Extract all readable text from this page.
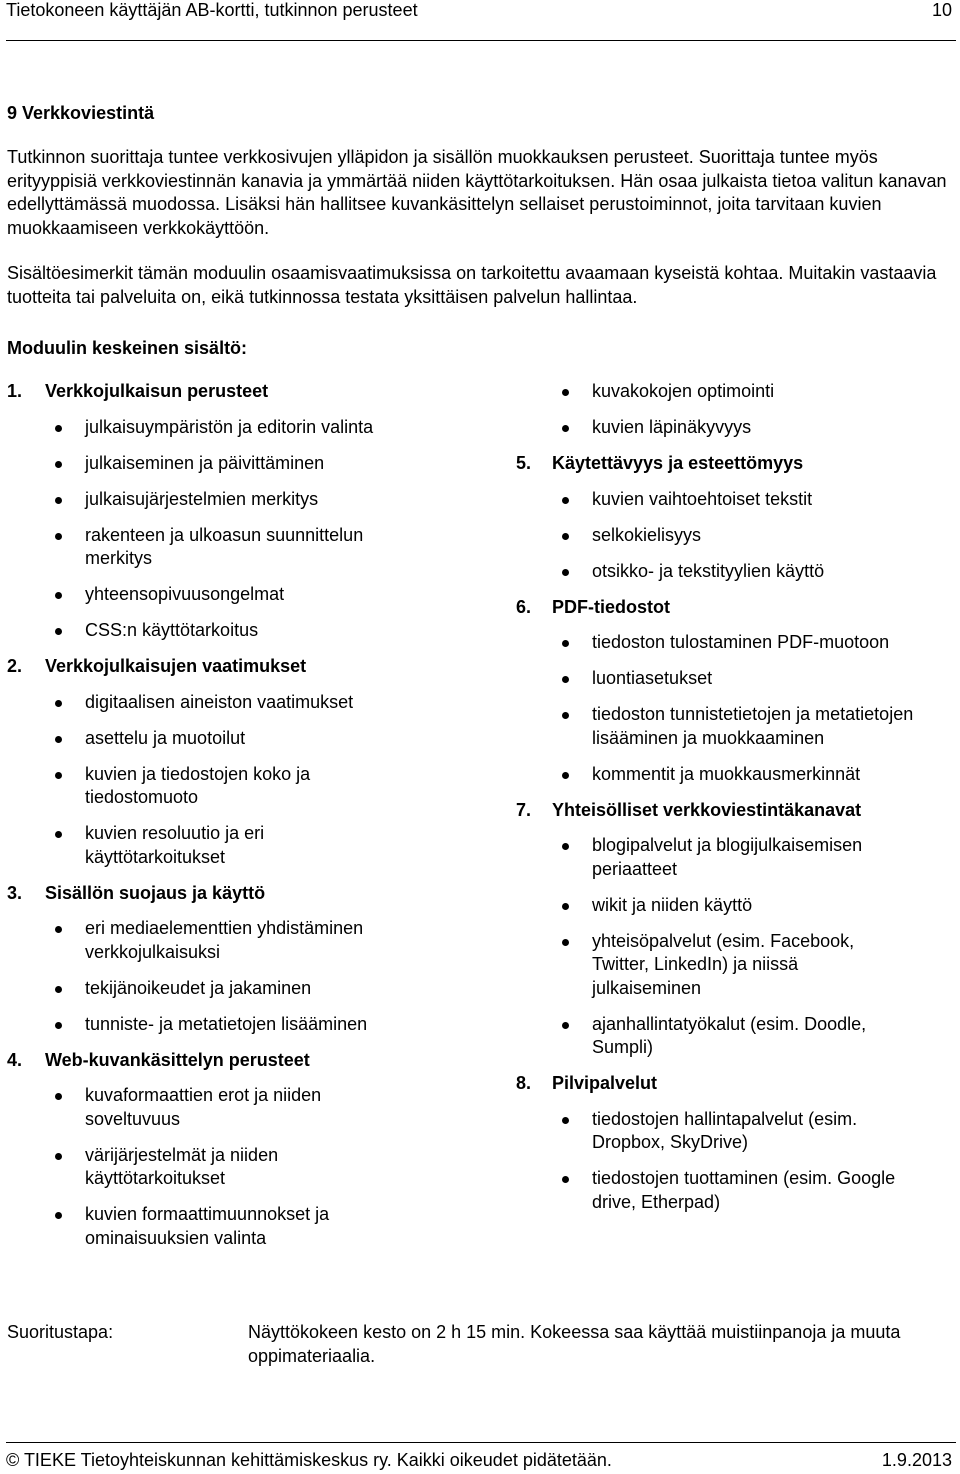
Tietokoneen käyttäjän AB-kortti, tutkinnon perusteet	10
9 Verkkoviestintä

Tutkinnon suorittaja tuntee verkkosivujen ylläpidon ja sisällön muokkauksen perusteet. Suorittaja tuntee myös erityyppisiä verkkoviestinnän kanavia ja ymmärtää niiden käyttötarkoituksen. Hän osaa julkaista tietoa valitun kanavan edellyttämässä muodossa. Lisäksi hän hallitsee kuvankäsittelyn sellaiset perustoiminnot, joita tarvitaan kuvien muokkaamiseen verkkokäyttöön.

Sisältöesimerkit tämän moduulin osaamisvaatimuksissa on tarkoitettu avaamaan kyseistä kohtaa. Muitakin vastaavia tuotteita tai palveluita on, eikä tutkinnossa testata yksittäisen palvelun hallintaa.

Moduulin keskeinen sisältö:
1. Verkkojulkaisun perusteet
julkaisuympäristön ja editorin valinta
julkaiseminen ja päivittäminen
julkaisujärjestelmien merkitys
rakenteen ja ulkoasun suunnittelun merkitys
yhteensopivuusongelmat
CSS:n käyttötarkoitus
2. Verkkojulkaisujen vaatimukset
digitaalisen aineiston vaatimukset
asettelu ja muotoilut
kuvien ja tiedostojen koko ja tiedostomuoto
kuvien resoluutio ja eri käyttötarkoitukset
3. Sisällön suojaus ja käyttö
eri mediaelementtien yhdistäminen verkkojulkaisuksi
tekijänoikeudet ja jakaminen
tunniste- ja metatietojen lisääminen
4. Web-kuvankäsittelyn perusteet
kuvaformaattien erot ja niiden soveltuvuus
värijärjestelmät ja niiden käyttötarkoitukset
kuvien formaattimuunnokset ja ominaisuuksien valinta
kuvakokojen optimointi
kuvien läpinäkyvyys
5. Käytettävyys ja esteettömyys
kuvien vaihtoehtoiset tekstit
selkokielisyys
otsikko- ja tekstityylien käyttö
6. PDF-tiedostot
tiedoston tulostaminen PDF-muotoon
luontiasetukset
tiedoston tunnistetietojen ja metatietojen lisääminen ja muokkaaminen
kommentit ja muokkausmerkinnät
7. Yhteisölliset verkkoviestintäkanavat
blogipalvelut ja blogijulkaisemisen periaatteet
wikit ja niiden käyttö
yhteisöpalvelut (esim. Facebook, Twitter, LinkedIn) ja niissä julkaiseminen
ajanhallintatyökalut (esim. Doodle, Sumpli)
8. Pilvipalvelut
tiedostojen hallintapalvelut (esim. Dropbox, SkyDrive)
tiedostojen tuottaminen (esim. Google drive, Etherpad)
Suoritustapa:	Näyttökokeen kesto on 2 h 15 min. Kokeessa saa käyttää muistiinpanoja ja muuta oppimateriaalia.
© TIEKE Tietoyhteiskunnan kehittämiskeskus ry. Kaikki oikeudet pidätetään.	1.9.2013
